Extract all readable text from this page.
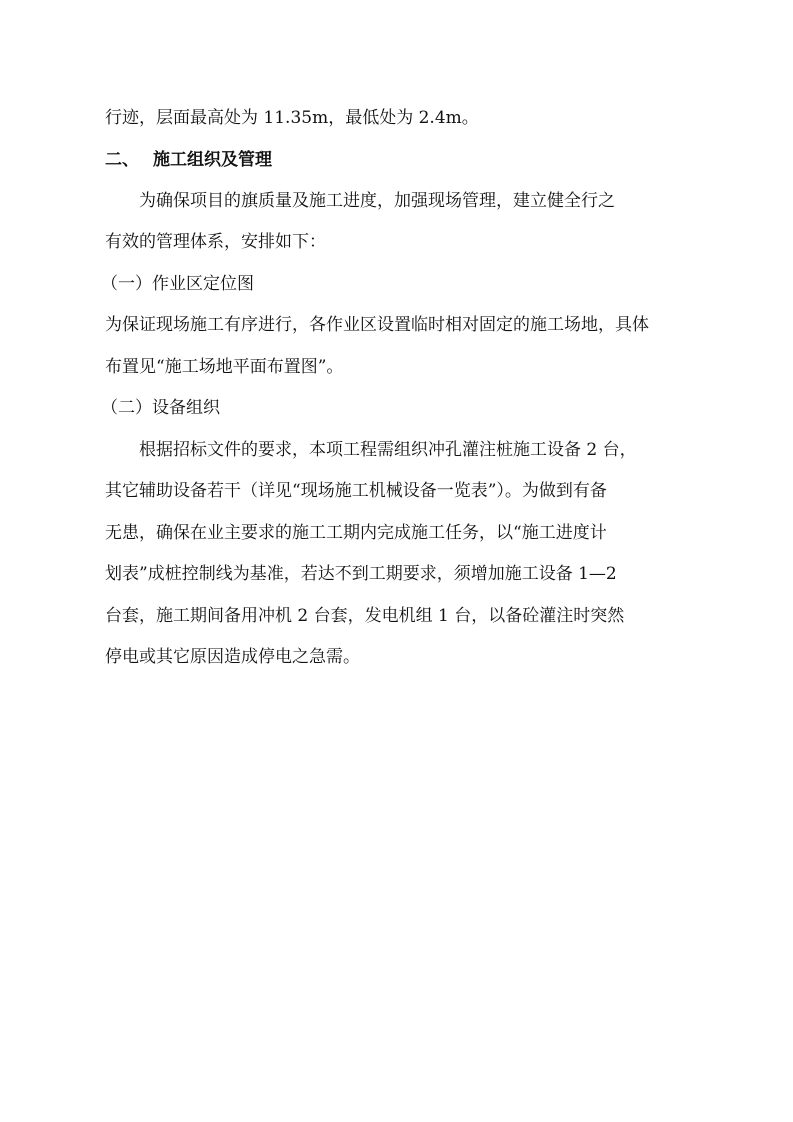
行迹，层面最高处为 11.35m，最低处为 2.4m。
二、 施工组织及管理
为确保项目的旗质量及施工进度，加强现场管理，建立健全行之
有效的管理体系，安排如下：
（一）作业区定位图
为保证现场施工有序进行，各作业区设置临时相对固定的施工场地，具体
布置见“施工场地平面布置图”。
（二）设备组织
根据招标文件的要求，本项工程需组织冲孔灌注桩施工设备 2 台，
其它辅助设备若干（详见“现场施工机械设备一览表”）。为做到有备
无患，确保在业主要求的施工工期内完成施工任务，以“施工进度计
划表”成桩控制线为基准，若达不到工期要求，须增加施工设备 1—2
台套，施工期间备用冲机 2 台套，发电机组 1 台，以备砼灌注时突然
停电或其它原因造成停电之急需。
